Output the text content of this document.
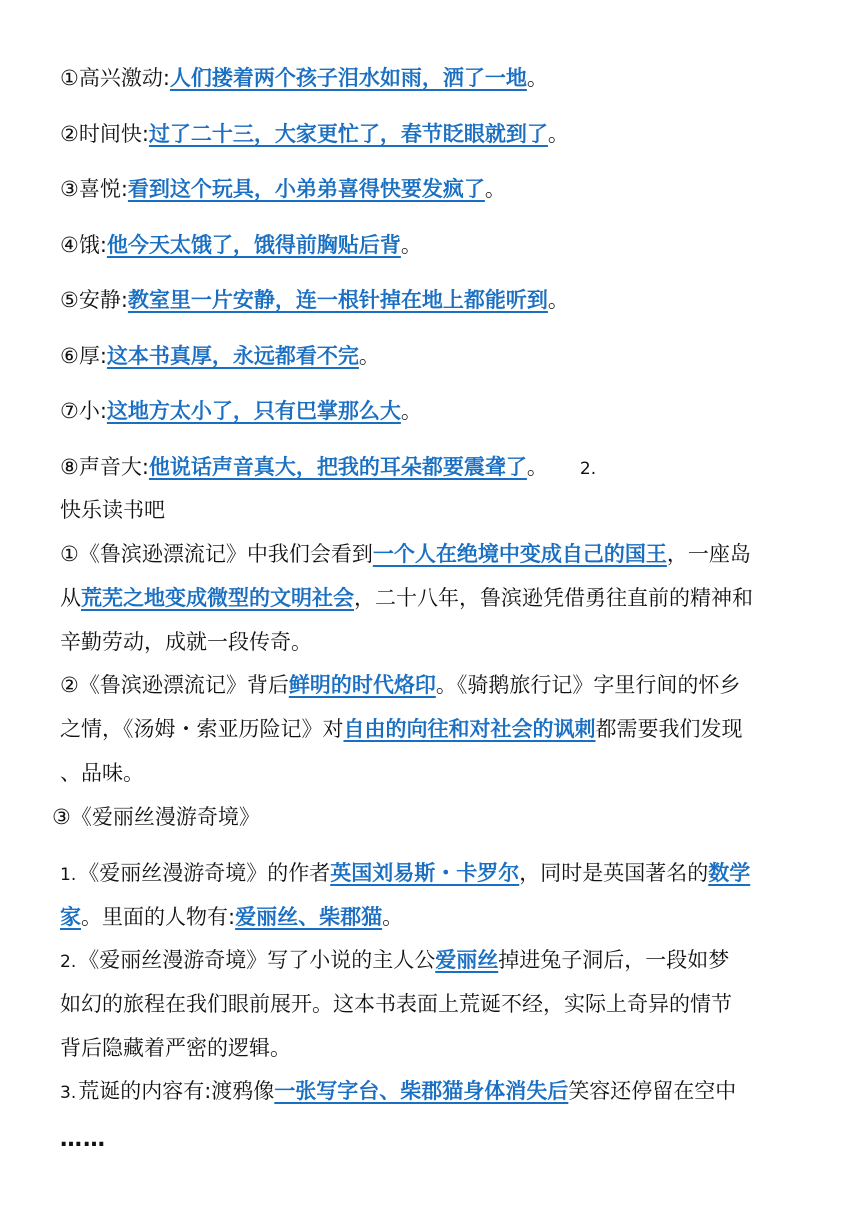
①高兴激动:人们搂着两个孩子泪水如雨，洒了一地。
②时间快:过了二十三，大家更忙了，春节眨眼就到了。
③喜悦:看到这个玩具，小弟弟喜得快要发疯了。
④饿:他今天太饿了，饿得前胸贴后背。
⑤安静:教室里一片安静，连一根针掉在地上都能听到。
⑥厚:这本书真厚，永远都看不完。
⑦小:这地方太小了，只有巴掌那么大。
⑧声音大:他说话声音真大，把我的耳朵都要震聋了。 2.
快乐读书吧
①《鲁滨逊漂流记》中我们会看到一个人在绝境中变成自己的国王，一座岛
从荒芜之地变成微型的文明社会，二十八年，鲁滨逊凭借勇往直前的精神和
辛勤劳动，成就一段传奇。
②《鲁滨逊漂流记》背后鲜明的时代烙印。《骑鹅旅行记》字里行间的怀乡
之情，《汤姆・索亚历险记》对自由的向往和对社会的讽刺都需要我们发现
、品味。
③《爱丽丝漫游奇境》
1.《爱丽丝漫游奇境》的作者英国刘易斯・卡罗尔，同时是英国著名的数学
家。里面的人物有:爱丽丝、柴郡猫。
2.《爱丽丝漫游奇境》写了小说的主人公爱丽丝掉进兔子洞后，一段如梦
如幻的旅程在我们眼前展开。这本书表面上荒诞不经，实际上奇异的情节
背后隐藏着严密的逻辑。
3.荒诞的内容有:渡鸦像一张写字台、柴郡猫身体消失后笑容还停留在空中
……
